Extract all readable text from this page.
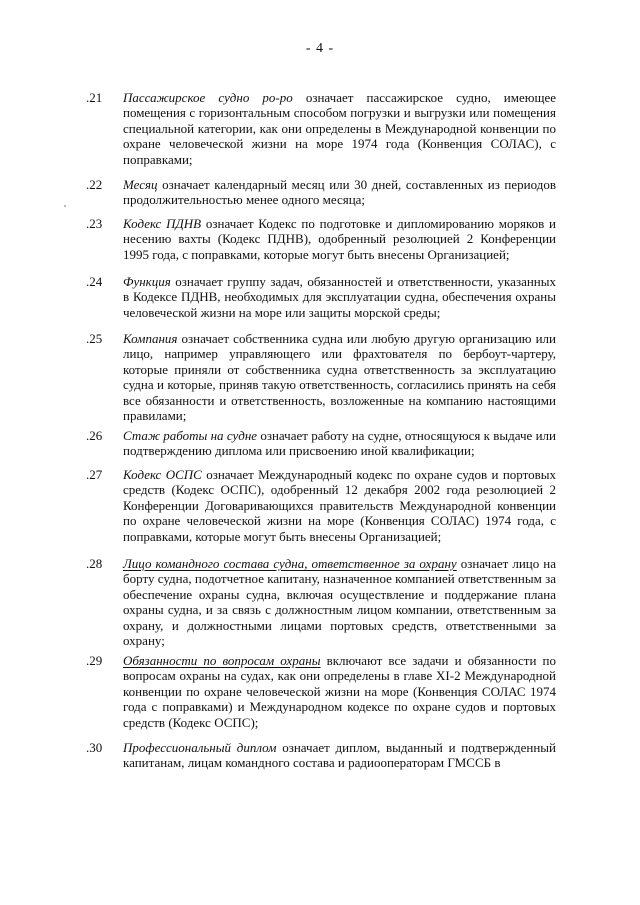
- 4 -
.21	Пассажирское судно ро-ро означает пассажирское судно, имеющее помещения с горизонтальным способом погрузки и выгрузки или помещения специальной категории, как они определены в Международной конвенции по охране человеческой жизни на море 1974 года (Конвенция СОЛАС), с поправками;
.22	Месяц означает календарный месяц или 30 дней, составленных из периодов продолжительностью менее одного месяца;
.23	Кодекс ПДНВ означает Кодекс по подготовке и дипломированию моряков и несению вахты (Кодекс ПДНВ), одобренный резолюцией 2 Конференции 1995 года, с поправками, которые могут быть внесены Организацией;
.24	Функция означает группу задач, обязанностей и ответственности, указанных в Кодексе ПДНВ, необходимых для эксплуатации судна, обеспечения охраны человеческой жизни на море или защиты морской среды;
.25	Компания означает собственника судна или любую другую организацию или лицо, например управляющего или фрахтователя по бербоут-чартеру, которые приняли от собственника судна ответственность за эксплуатацию судна и которые, приняв такую ответственность, согласились принять на себя все обязанности и ответственность, возложенные на компанию настоящими правилами;
.26	Стаж работы на судне означает работу на судне, относящуюся к выдаче или подтверждению диплома или присвоению иной квалификации;
.27	Кодекс ОСПС означает Международный кодекс по охране судов и портовых средств (Кодекс ОСПС), одобренный 12 декабря 2002 года резолюцией 2 Конференции Договаривающихся правительств Международной конвенции по охране человеческой жизни на море (Конвенция СОЛАС) 1974 года, с поправками, которые могут быть внесены Организацией;
.28	Лицо командного состава судна, ответственное за охрану означает лицо на борту судна, подотчетное капитану, назначенное компанией ответственным за обеспечение охраны судна, включая осуществление и поддержание плана охраны судна, и за связь с должностным лицом компании, ответственным за охрану, и должностными лицами портовых средств, ответственными за охрану;
.29	Обязанности по вопросам охраны включают все задачи и обязанности по вопросам охраны на судах, как они определены в главе XI-2 Международной конвенции по охране человеческой жизни на море (Конвенция СОЛАС 1974 года с поправками) и Международном кодексе по охране судов и портовых средств (Кодекс ОСПС);
.30	Профессиональный диплом означает диплом, выданный и подтвержденный капитанам, лицам командного состава и радиооператорам ГМССБ в
